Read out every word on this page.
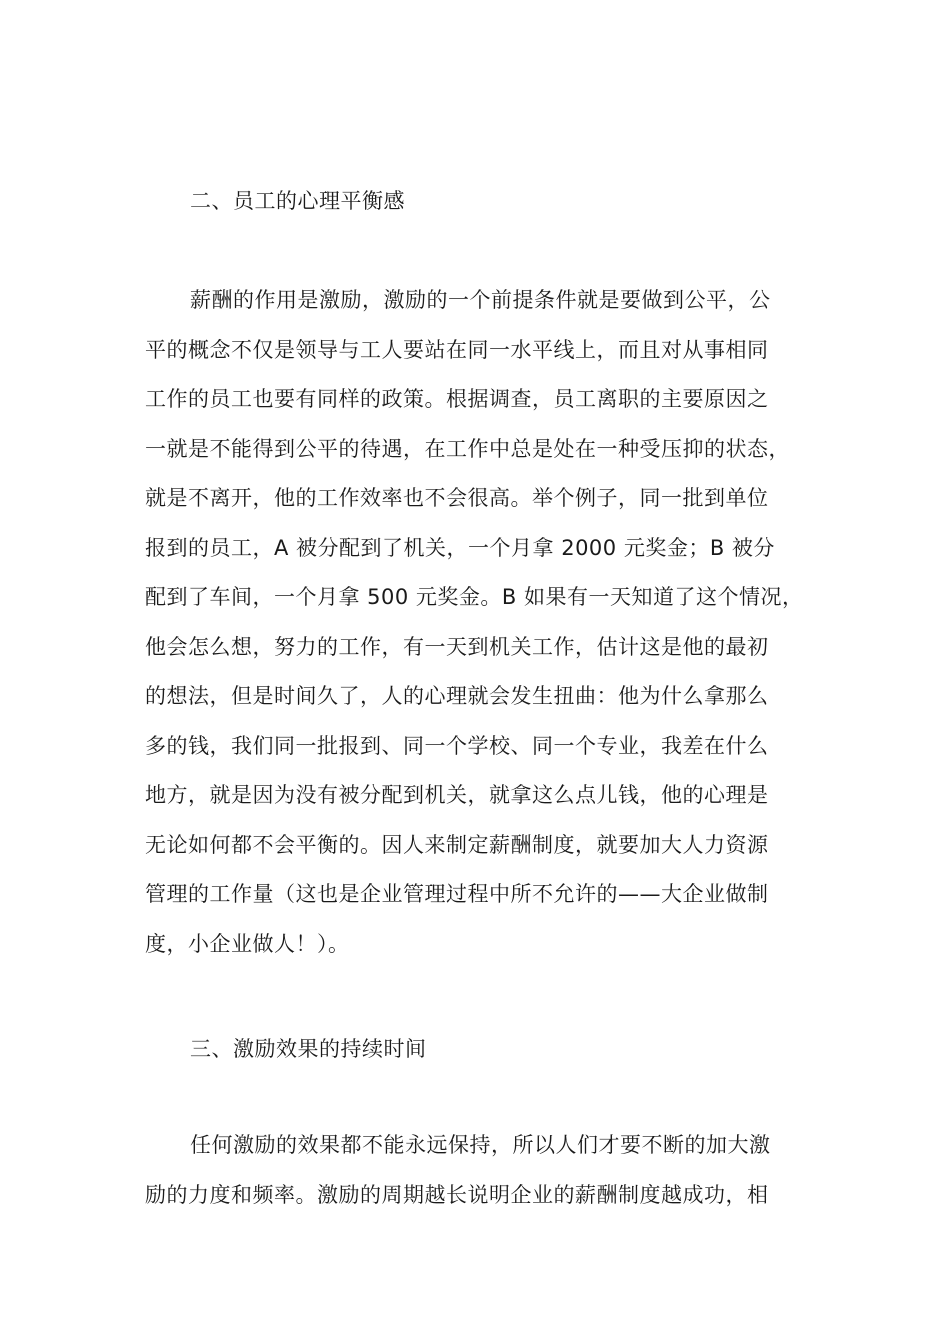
二、员工的心理平衡感
薪酬的作用是激励，激励的一个前提条件就是要做到公平，公
平的概念不仅是领导与工人要站在同一水平线上，而且对从事相同
工作的员工也要有同样的政策。根据调查，员工离职的主要原因之
一就是不能得到公平的待遇，在工作中总是处在一种受压抑的状态，
就是不离开，他的工作效率也不会很高。举个例子，同一批到单位
报到的员工，A 被分配到了机关，一个月拿 2000 元奖金；B 被分
配到了车间，一个月拿 500 元奖金。B 如果有一天知道了这个情况，
他会怎么想，努力的工作，有一天到机关工作，估计这是他的最初
的想法，但是时间久了，人的心理就会发生扭曲：他为什么拿那么
多的钱，我们同一批报到、同一个学校、同一个专业，我差在什么
地方，就是因为没有被分配到机关，就拿这么点儿钱，他的心理是
无论如何都不会平衡的。因人来制定薪酬制度，就要加大人力资源
管理的工作量（这也是企业管理过程中所不允许的——大企业做制
度，小企业做人！）。
三、激励效果的持续时间
任何激励的效果都不能永远保持，所以人们才要不断的加大激
励的力度和频率。激励的周期越长说明企业的薪酬制度越成功，相
